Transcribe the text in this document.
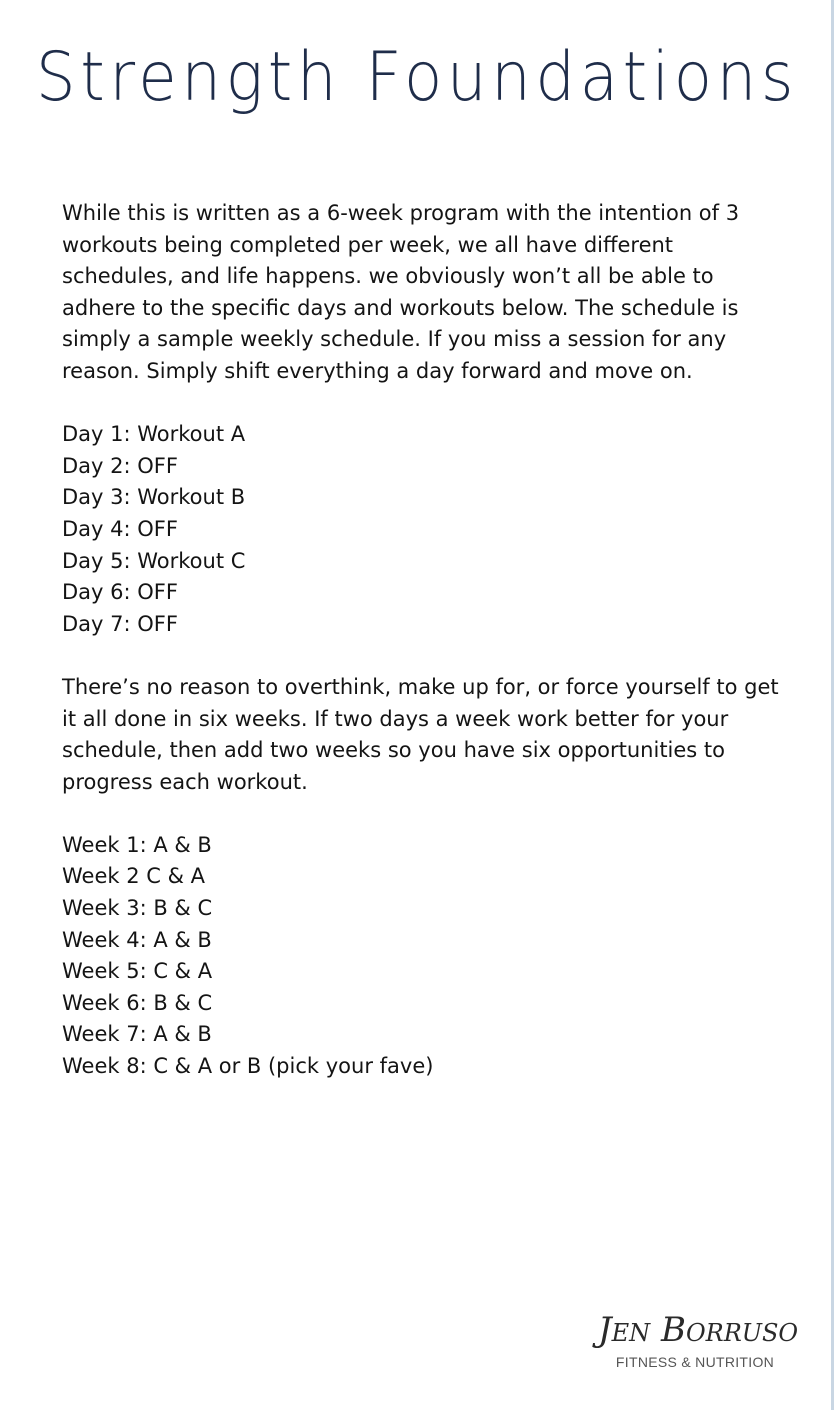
Strength Foundations

While this is written as a 6-week program with the intention of 3 workouts being completed per week, we all have different schedules, and life happens. we obviously won’t all be able to adhere to the specific days and workouts below. The schedule is simply a sample weekly schedule. If you miss a session for any reason. Simply shift everything a day forward and move on.

Day 1: Workout A
Day 2: OFF
Day 3: Workout B
Day 4: OFF
Day 5: Workout C
Day 6: OFF
Day 7: OFF

There’s no reason to overthink, make up for, or force yourself to get it all done in six weeks. If two days a week work better for your schedule, then add two weeks so you have six opportunities to progress each workout.

Week 1: A & B
Week 2 C & A
Week 3: B & C
Week 4: A & B
Week 5: C & A
Week 6: B & C
Week 7: A & B
Week 8: C & A or B (pick your fave)
Jen Borruso
FITNESS & NUTRITION
